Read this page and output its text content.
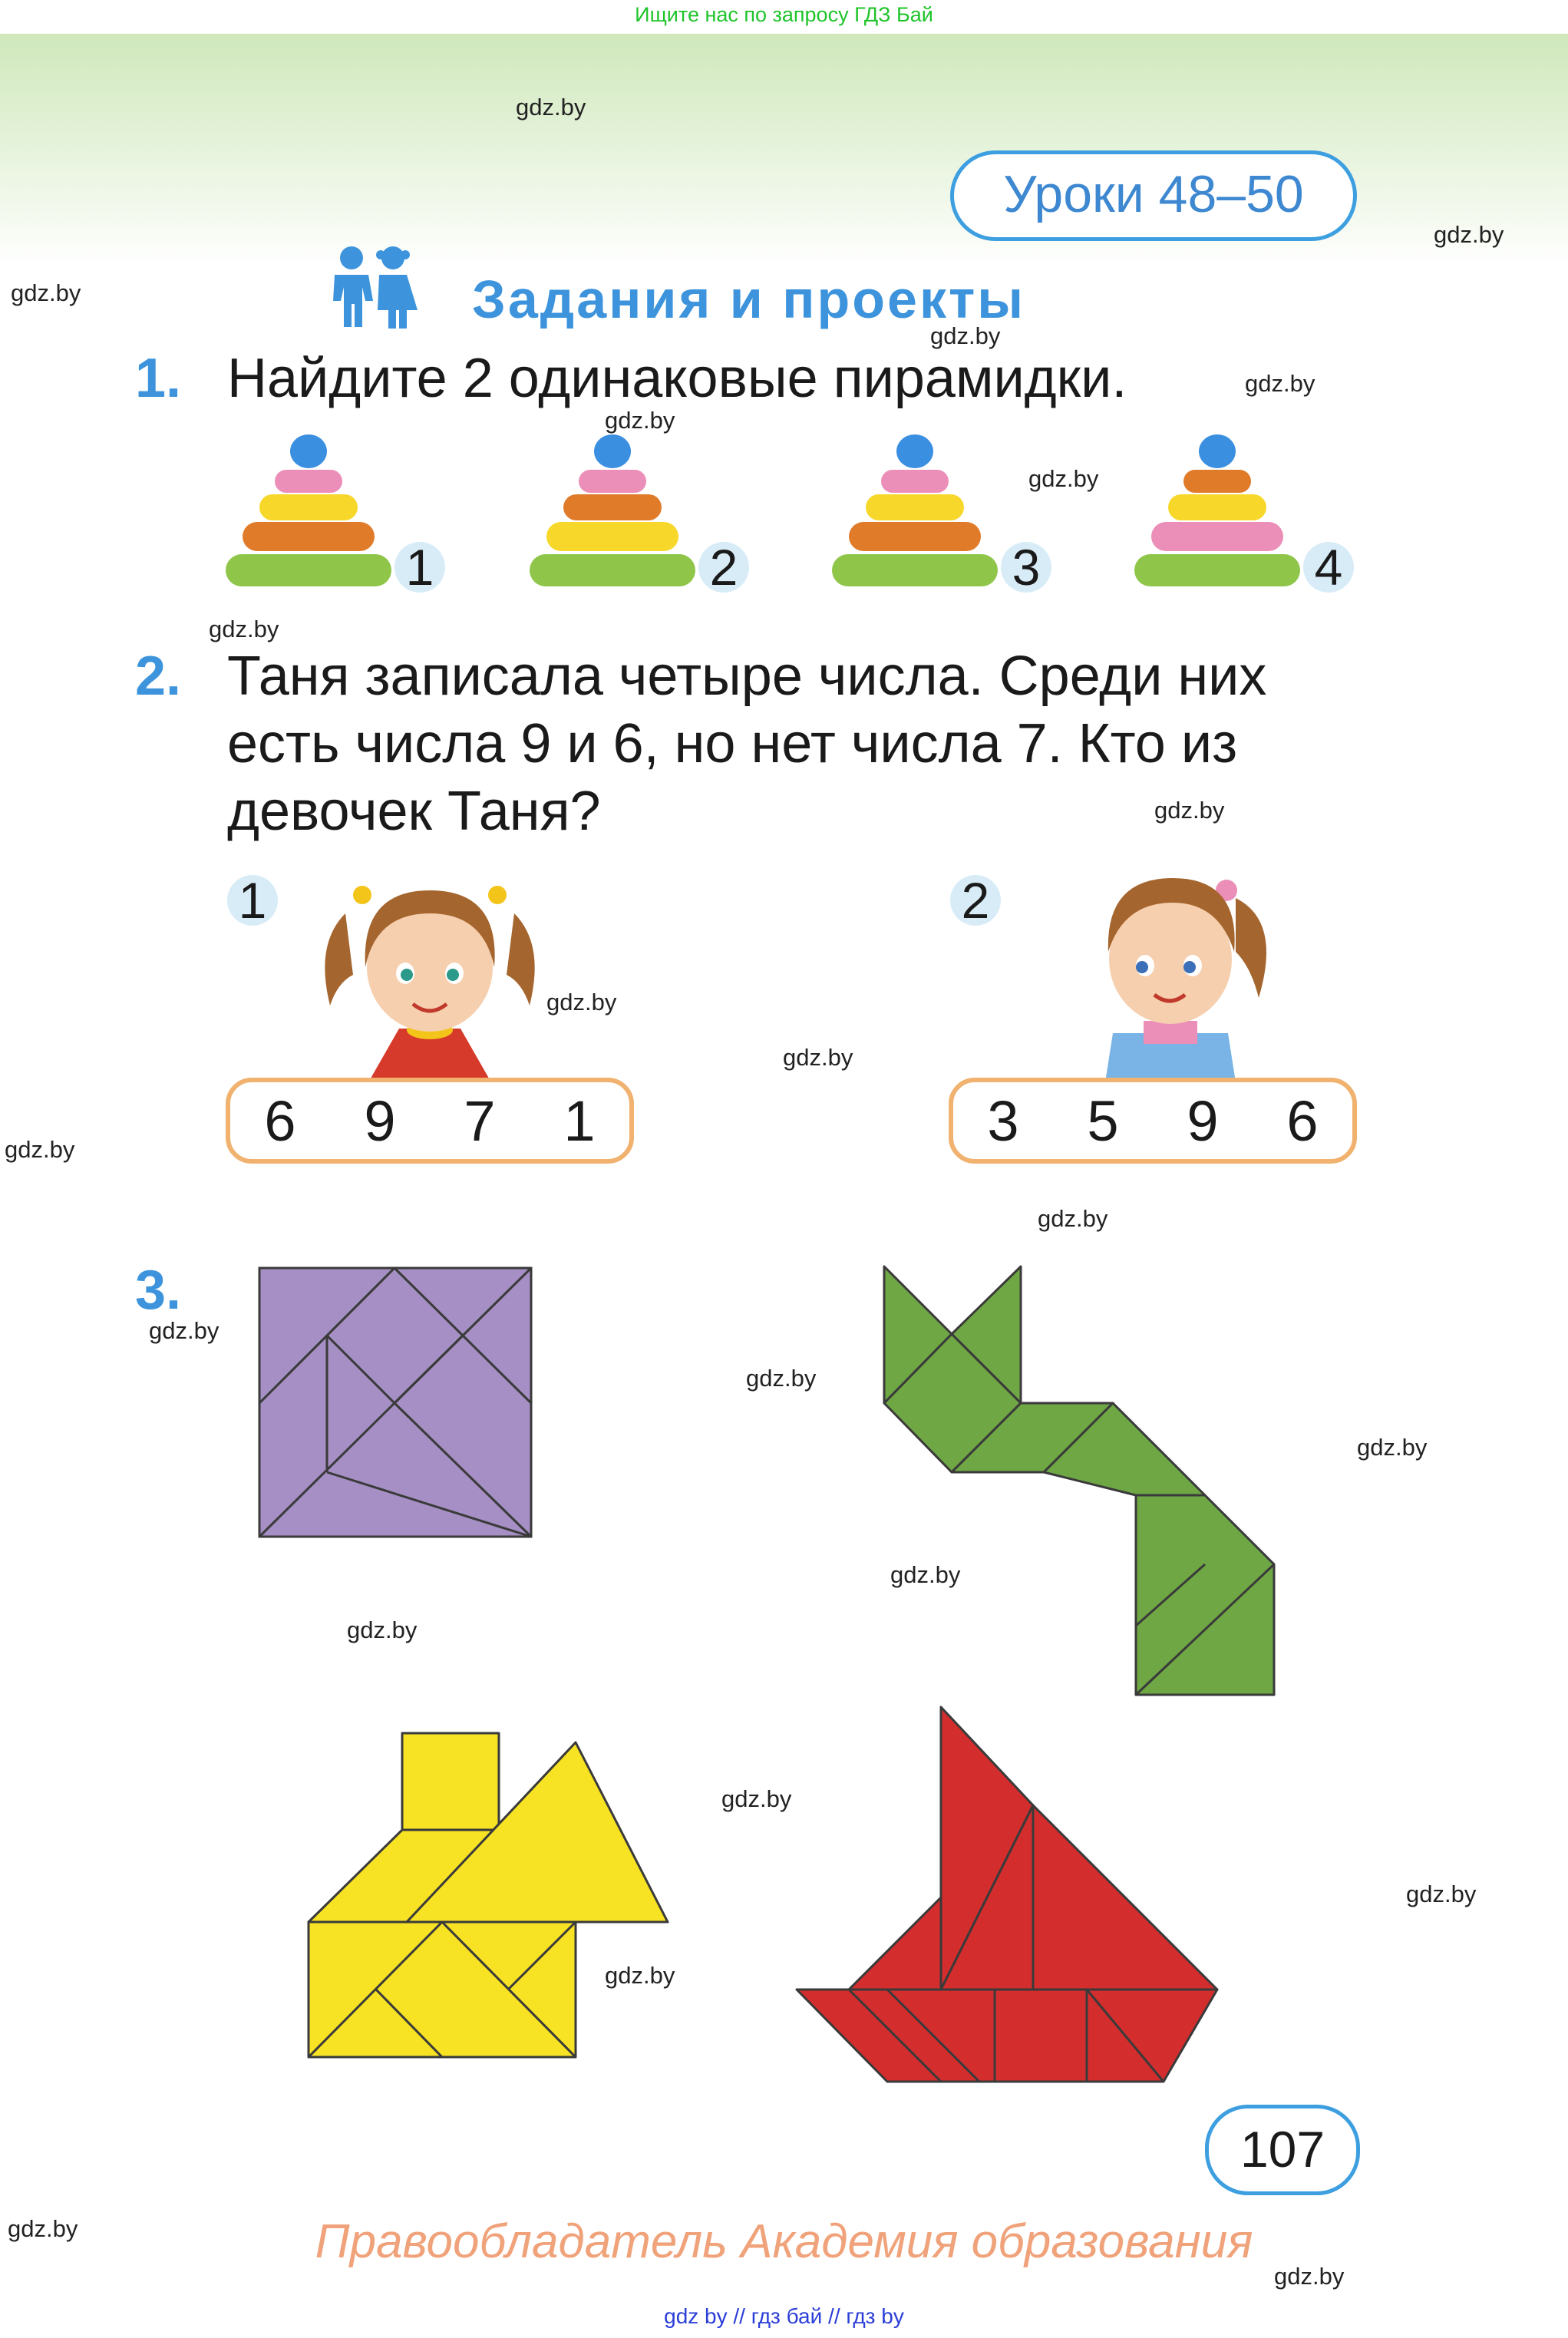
Ищите нас по запросу ГДЗ Бай
gdz.by
gdz.by
gdz.by
gdz.by
gdz.by
gdz.by
gdz.by
gdz.by
gdz.by
gdz.by
gdz.by
gdz.by
gdz.by
gdz.by
gdz.by
gdz.by
gdz.by
gdz.by
gdz.by
gdz.by
gdz.by
gdz.by
gdz.by
Уроки 48–50
Задания и проекты
1. Найдите 2 одинаковые пирамидки.
1	2	3	4
2. Таня записала четыре числа. Среди них
есть числа 9 и 6, но нет числа 7. Кто из
девочек Таня?
1	2
6 9 7 1	3 5 9 6
3.
107
Правообладатель Академия образования
gdz by // гдз бай // гдз by
